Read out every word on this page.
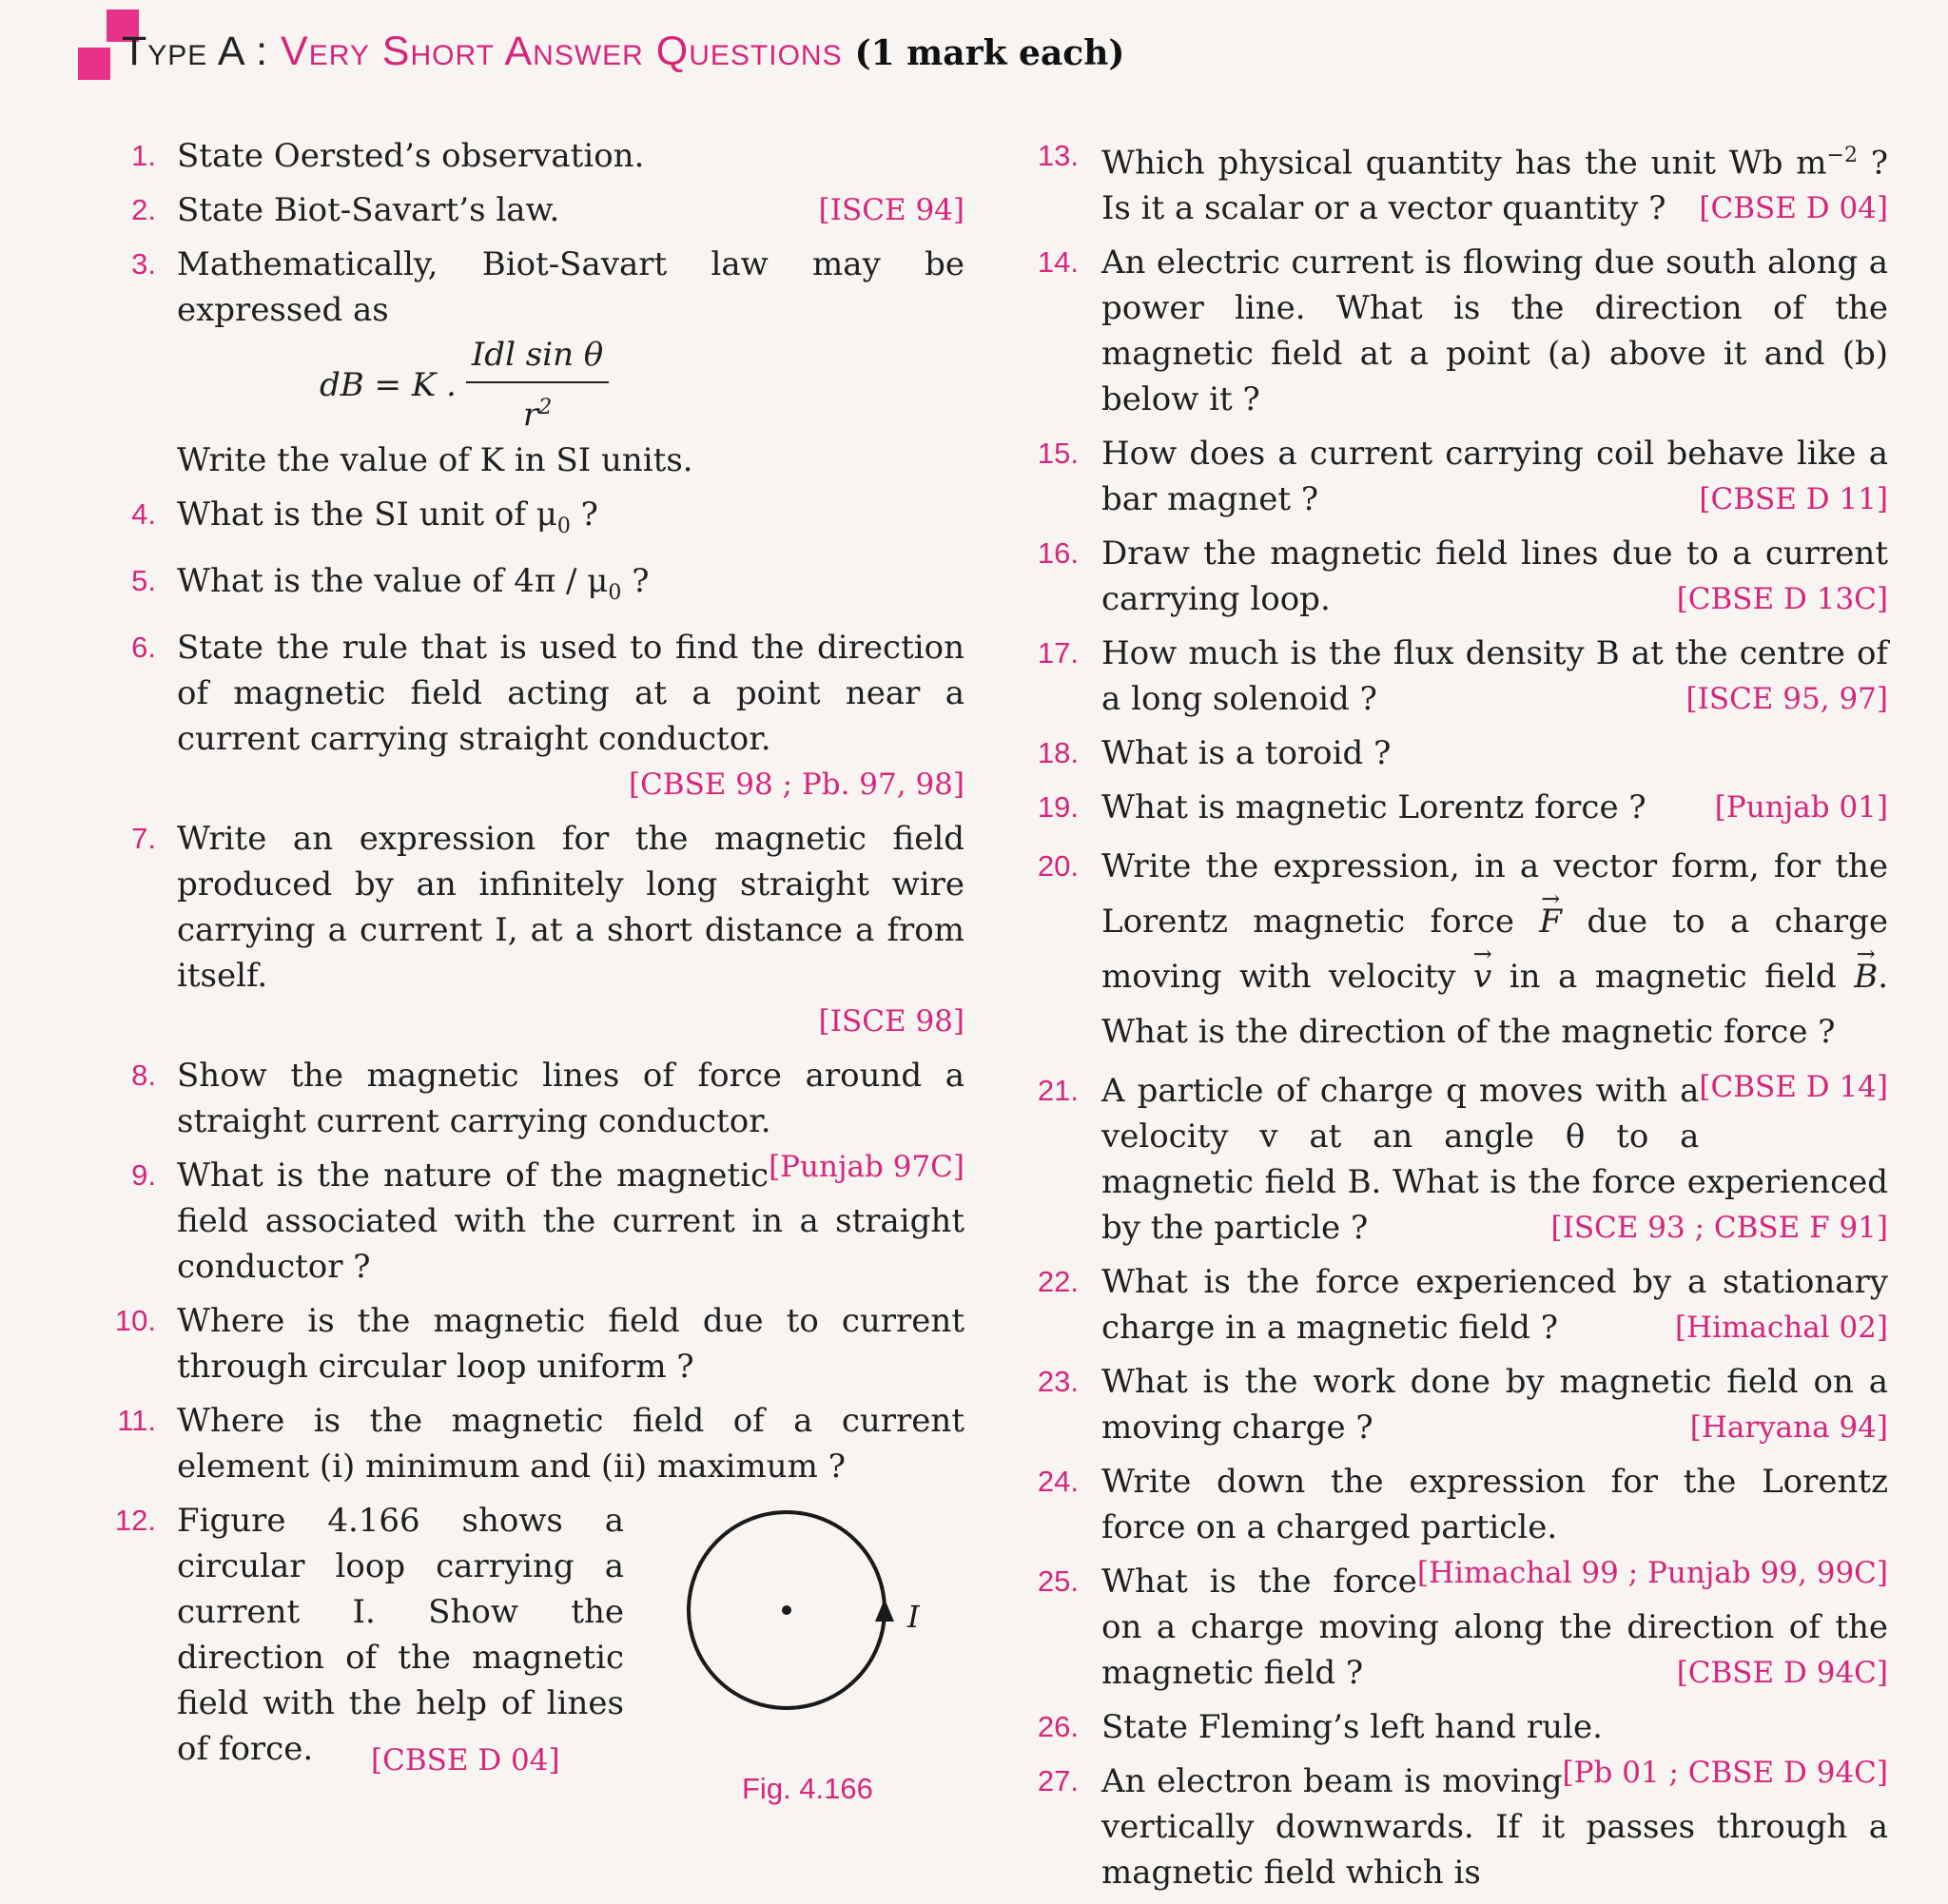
Type A : Very Short Answer Questions (1 mark each)
1. State Oersted’s observation.
2. State Biot-Savart’s law.	[ISCE 94]
3. Mathematically, Biot-Savart law may be expressed as
dB = K . $\frac{\text{Idl sin θ}}{r^2}$
Write the value of K in SI units.
4. What is the SI unit of $\mu_0$ ?
5. What is the value of $4\pi / \mu_0$ ?
6. State the rule that is used to find the direction of magnetic field acting at a point near a current carrying straight conductor.
[CBSE 98 ; Pb. 97, 98]
7. Write an expression for the magnetic field produced by an infinitely long straight wire carrying a current I, at a short distance a from itself.
[ISCE 98]
8. Show the magnetic lines of force around a straight current carrying conductor.
[Punjab 97C]
9. What is the nature of the magnetic field associated with the current in a straight conductor ?
10. Where is the magnetic field due to current through circular loop uniform ?
11. Where is the magnetic field of a current element (i) minimum and (ii) maximum ?
12. Figure 4.166 shows a circular loop carrying a current I. Show the direction of the magnetic field with the help of lines of force.	[CBSE D 04]
I
Fig. 4.166
13. Which physical quantity has the unit Wb $m^{-2}$ ? Is it a scalar or a vector quantity ? [CBSE D 04]
14. An electric current is flowing due south along a power line. What is the direction of the magnetic field at a point (a) above it and (b) below it ?
15. How does a current carrying coil behave like a bar magnet ?	[CBSE D 11]
16. Draw the magnetic field lines due to a current carrying loop.	[CBSE D 13C]
17. How much is the flux density B at the centre of a long solenoid ?	[ISCE 95, 97]
18. What is a toroid ?
19. What is magnetic Lorentz force ? [Punjab 01]
20. Write the expression, in a vector form, for the Lorentz magnetic force → F due to a charge moving with velocity → v in a magnetic field → B. What is the direction of the magnetic force ?
[CBSE D 14]
21. A particle of charge q moves with a velocity v at an angle θ to a magnetic field B. What is the force experienced by the particle ?	[ISCE 93 ; CBSE F 91]
22. What is the force experienced by a stationary charge in a magnetic field ?	[Himachal 02]
23. What is the work done by magnetic field on a moving charge ?	[Haryana 94]
24. Write down the expression for the Lorentz force on a charged particle.
[Himachal 99 ; Punjab 99, 99C]
25. What is the force on a charge moving along the direction of the magnetic field ?	[CBSE D 94C]
26. State Fleming’s left hand rule.
[Pb 01 ; CBSE D 94C]
27. An electron beam is moving vertically downwards. If it passes through a magnetic field which is
